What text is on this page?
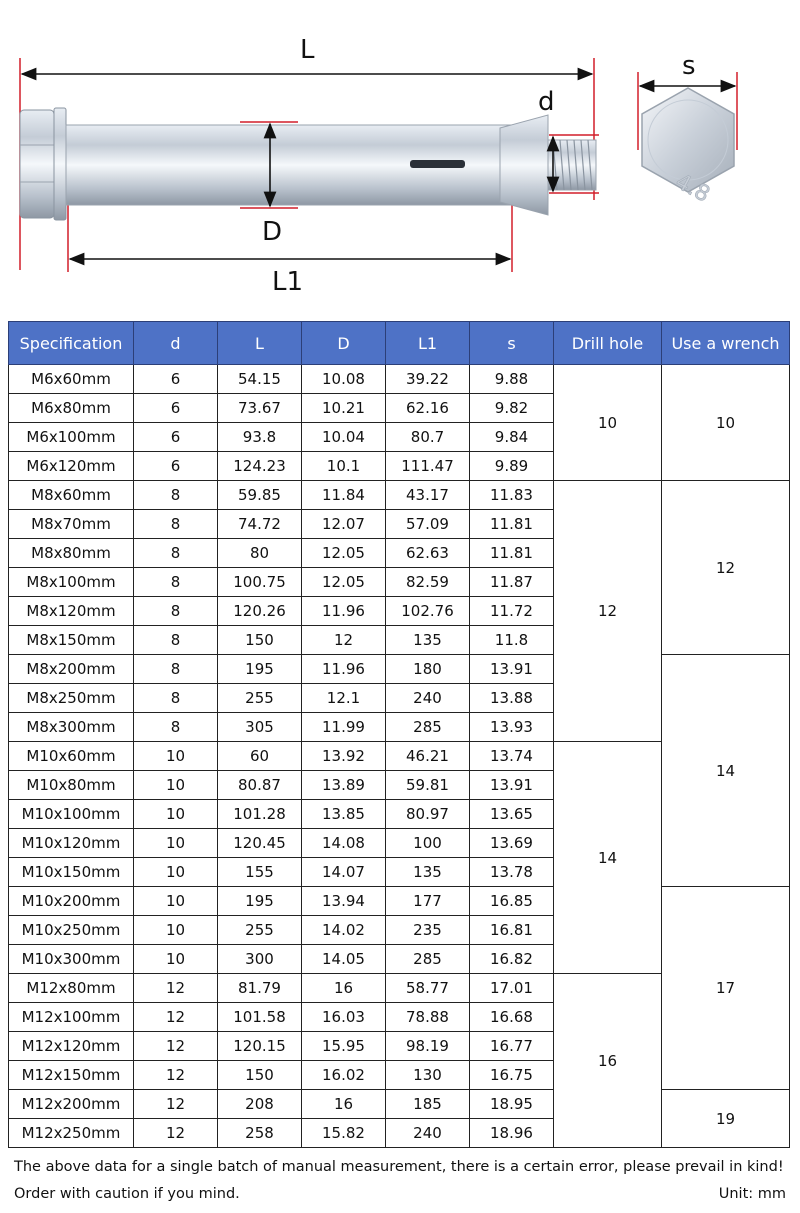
4.8
L
L1
D
d
s
Specification	d	L	D	L1	s	Drill hole	Use a wrench
M6x60mm	6	54.15	10.08	39.22	9.88	10	10
M6x80mm	6	73.67	10.21	62.16	9.82		
M6x100mm	6	93.8	10.04	80.7	9.84		
M6x120mm	6	124.23	10.1	111.47	9.89		
M8x60mm	8	59.85	11.84	43.17	11.83	12	12
M8x70mm	8	74.72	12.07	57.09	11.81		
M8x80mm	8	80	12.05	62.63	11.81		
M8x100mm	8	100.75	12.05	82.59	11.87		
M8x120mm	8	120.26	11.96	102.76	11.72		
M8x150mm	8	150	12	135	11.8		
M8x200mm	8	195	11.96	180	13.91		14
M8x250mm	8	255	12.1	240	13.88		
M8x300mm	8	305	11.99	285	13.93		
M10x60mm	10	60	13.92	46.21	13.74	14	
M10x80mm	10	80.87	13.89	59.81	13.91		
M10x100mm	10	101.28	13.85	80.97	13.65		
M10x120mm	10	120.45	14.08	100	13.69		
M10x150mm	10	155	14.07	135	13.78		
M10x200mm	10	195	13.94	177	16.85		17
M10x250mm	10	255	14.02	235	16.81		
M10x300mm	10	300	14.05	285	16.82		
M12x80mm	12	81.79	16	58.77	17.01	16	
M12x100mm	12	101.58	16.03	78.88	16.68		
M12x120mm	12	120.15	15.95	98.19	16.77		
M12x150mm	12	150	16.02	130	16.75		
M12x200mm	12	208	16	185	18.95		19
M12x250mm	12	258	15.82	240	18.96		
The above data for a single batch of manual measurement, there is a certain error, please prevail in kind!
Order with caution if you mind.	Unit: mm
